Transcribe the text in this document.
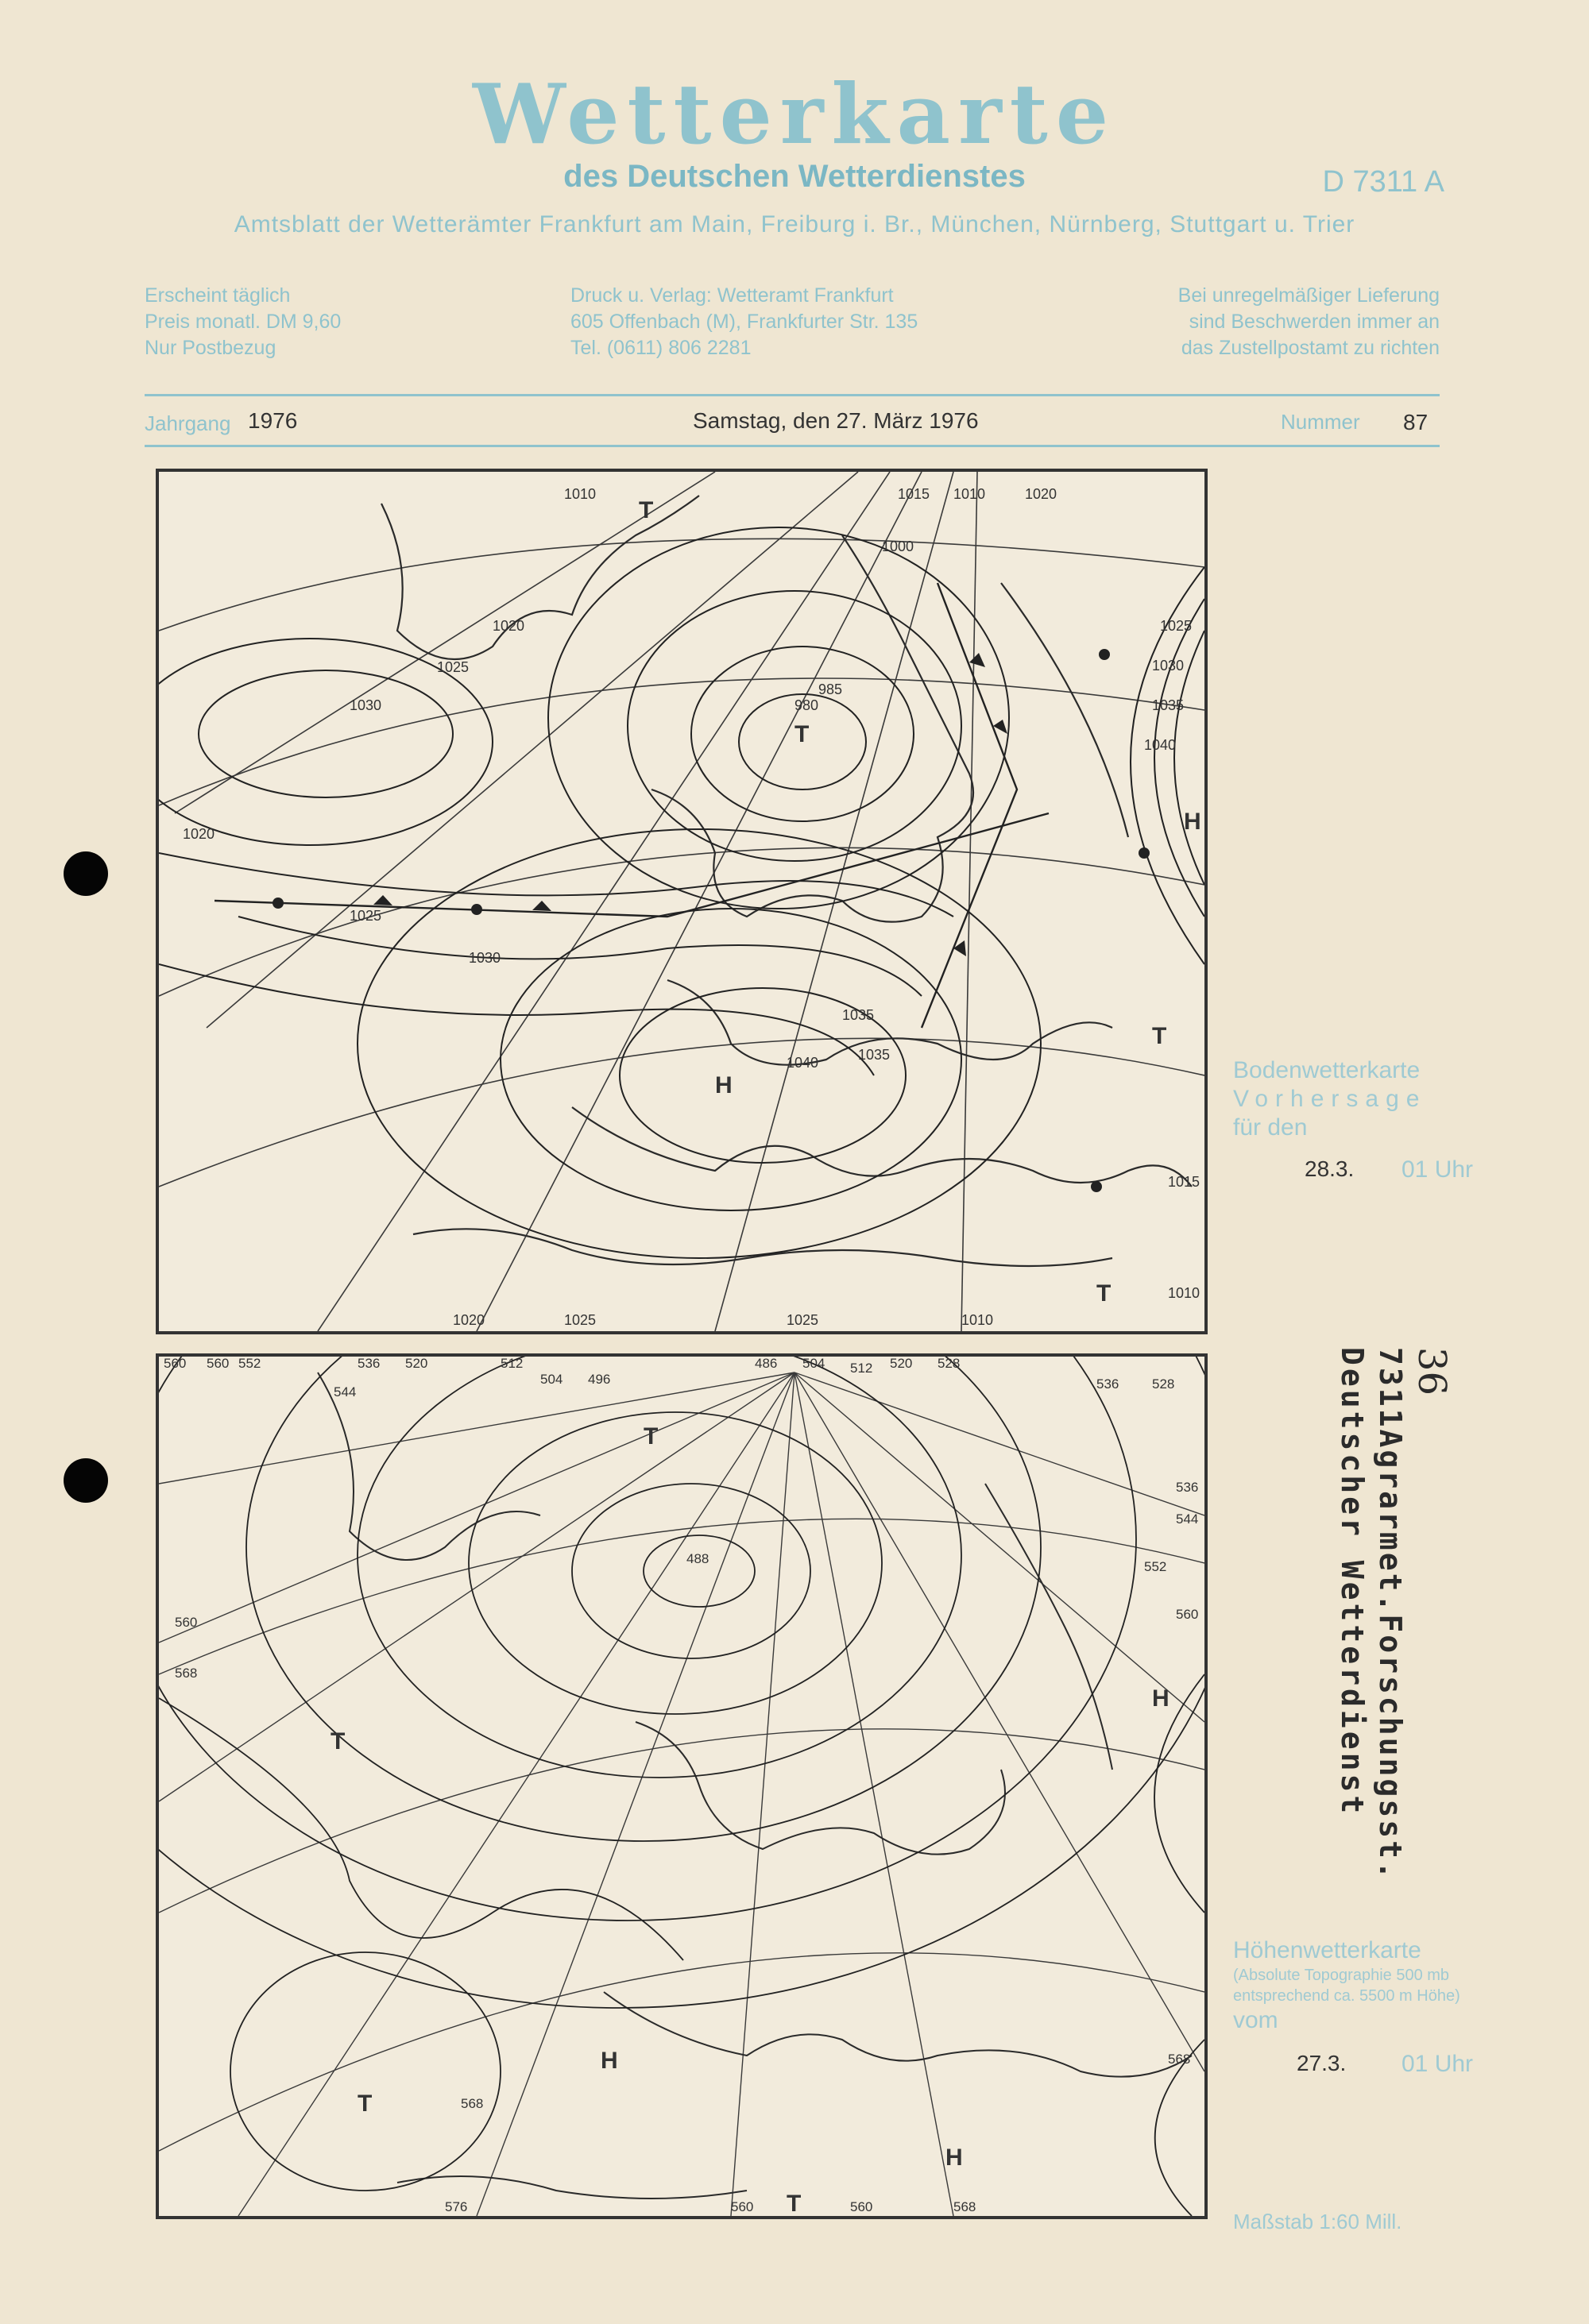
Wetterkarte
des Deutschen Wetterdienstes	D 7311 A
Amtsblatt der Wetterämter Frankfurt am Main, Freiburg i. Br., München, Nürnberg, Stuttgart u. Trier
Erscheint täglich
Preis monatl. DM 9,60
Nur Postbezug
Druck u. Verlag: Wetteramt Frankfurt
605 Offenbach (M), Frankfurter Str. 135
Tel. (0611) 806 2281
Bei unregelmäßiger Lieferung
sind Beschwerden immer an
das Zustellpostamt zu richten
Jahrgang 1976	Samstag, den 27. März 1976	Nummer 87
1010	1015 1010	1020
1020
1025
1030
1020
1025
1030
1035
1040
1035
985
980
1000
1025
1030
1035
1040
1015
1010
1020	1025	1025	1010
T
T
H
H
T
T
Bodenwetterkarte
Vorhersage
für den
28.3. 01 Uhr
560 560 552
544
536 520	512
504 496
486 504 512 520 528
536 528
536
544
552
560
568
560
568
576
568
560	560	568
488
T
T
T
H
H
H
T
Höhenwetterkarte
(Absolute Topographie 500 mb
entsprechend ca. 5500 m Höhe)
vom
27.3. 01 Uhr
Maßstab 1:60 Mill.
36
7311Agrarmet.Forschungsst.
Deutscher Wetterdienst
